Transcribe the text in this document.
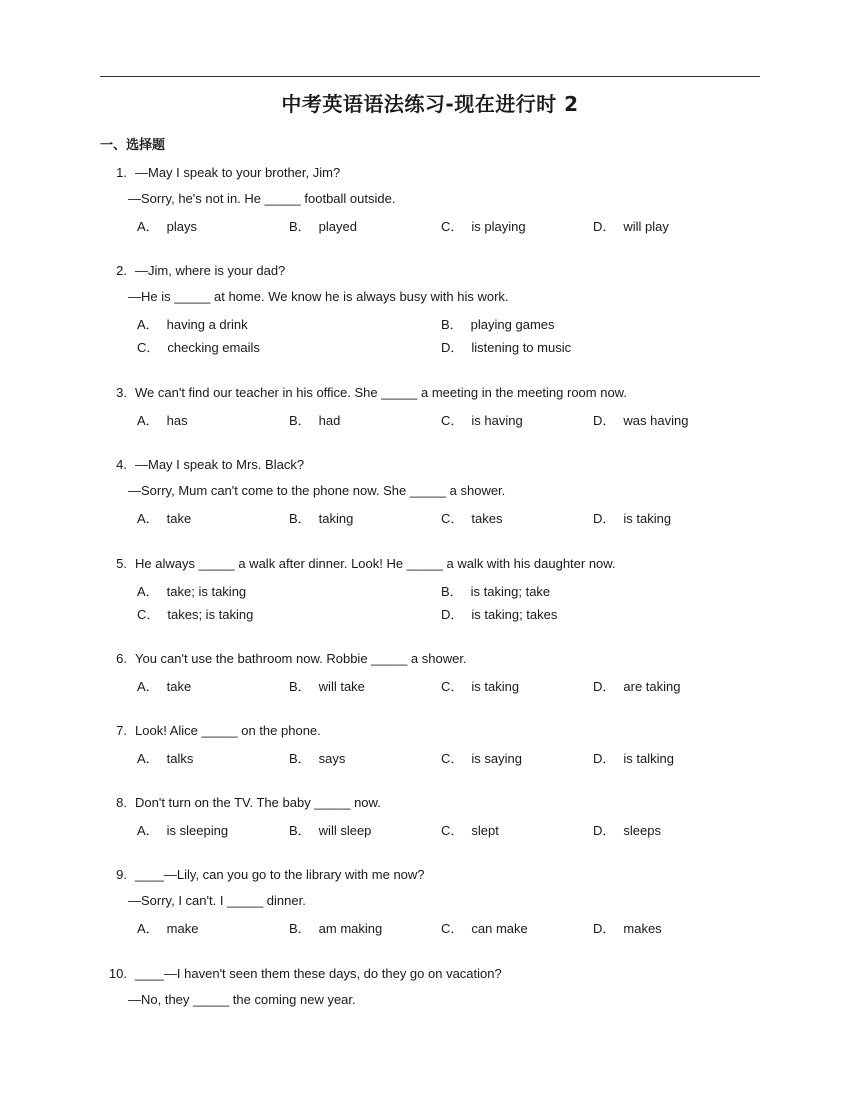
中考英语语法练习-现在进行时 2
一、选择题
1. —May I speak to your brother, Jim?
—Sorry, he's not in. He _____ football outside.
A． plays	B． played	C． is playing	D． will play
2. —Jim, where is your dad?
—He is _____ at home. We know he is always busy with his work.
A． having a drink	B． playing games
C． checking emails	D． listening to music
3. We can't find our teacher in his office. She _____ a meeting in the meeting room now.
A． has	B． had	C． is having	D． was having
4. —May I speak to Mrs. Black?
—Sorry, Mum can't come to the phone now. She _____ a shower.
A． take	B． taking	C． takes	D． is taking
5. He always _____ a walk after dinner. Look! He _____ a walk with his daughter now.
A． take; is taking	B． is taking; take
C． takes; is taking	D． is taking; takes
6. You can't use the bathroom now. Robbie _____ a shower.
A． take	B． will take	C． is taking	D． are taking
7. Look! Alice _____ on the phone.
A． talks	B． says	C． is saying	D． is talking
8. Don't turn on the TV. The baby _____ now.
A． is sleeping	B． will sleep	C． slept	D． sleeps
9. ____—Lily, can you go to the library with me now?
—Sorry, I can't. I _____ dinner.
A． make	B． am making	C． can make	D． makes
10. ____—I haven't seen them these days, do they go on vacation?
—No, they _____ the coming new year.
